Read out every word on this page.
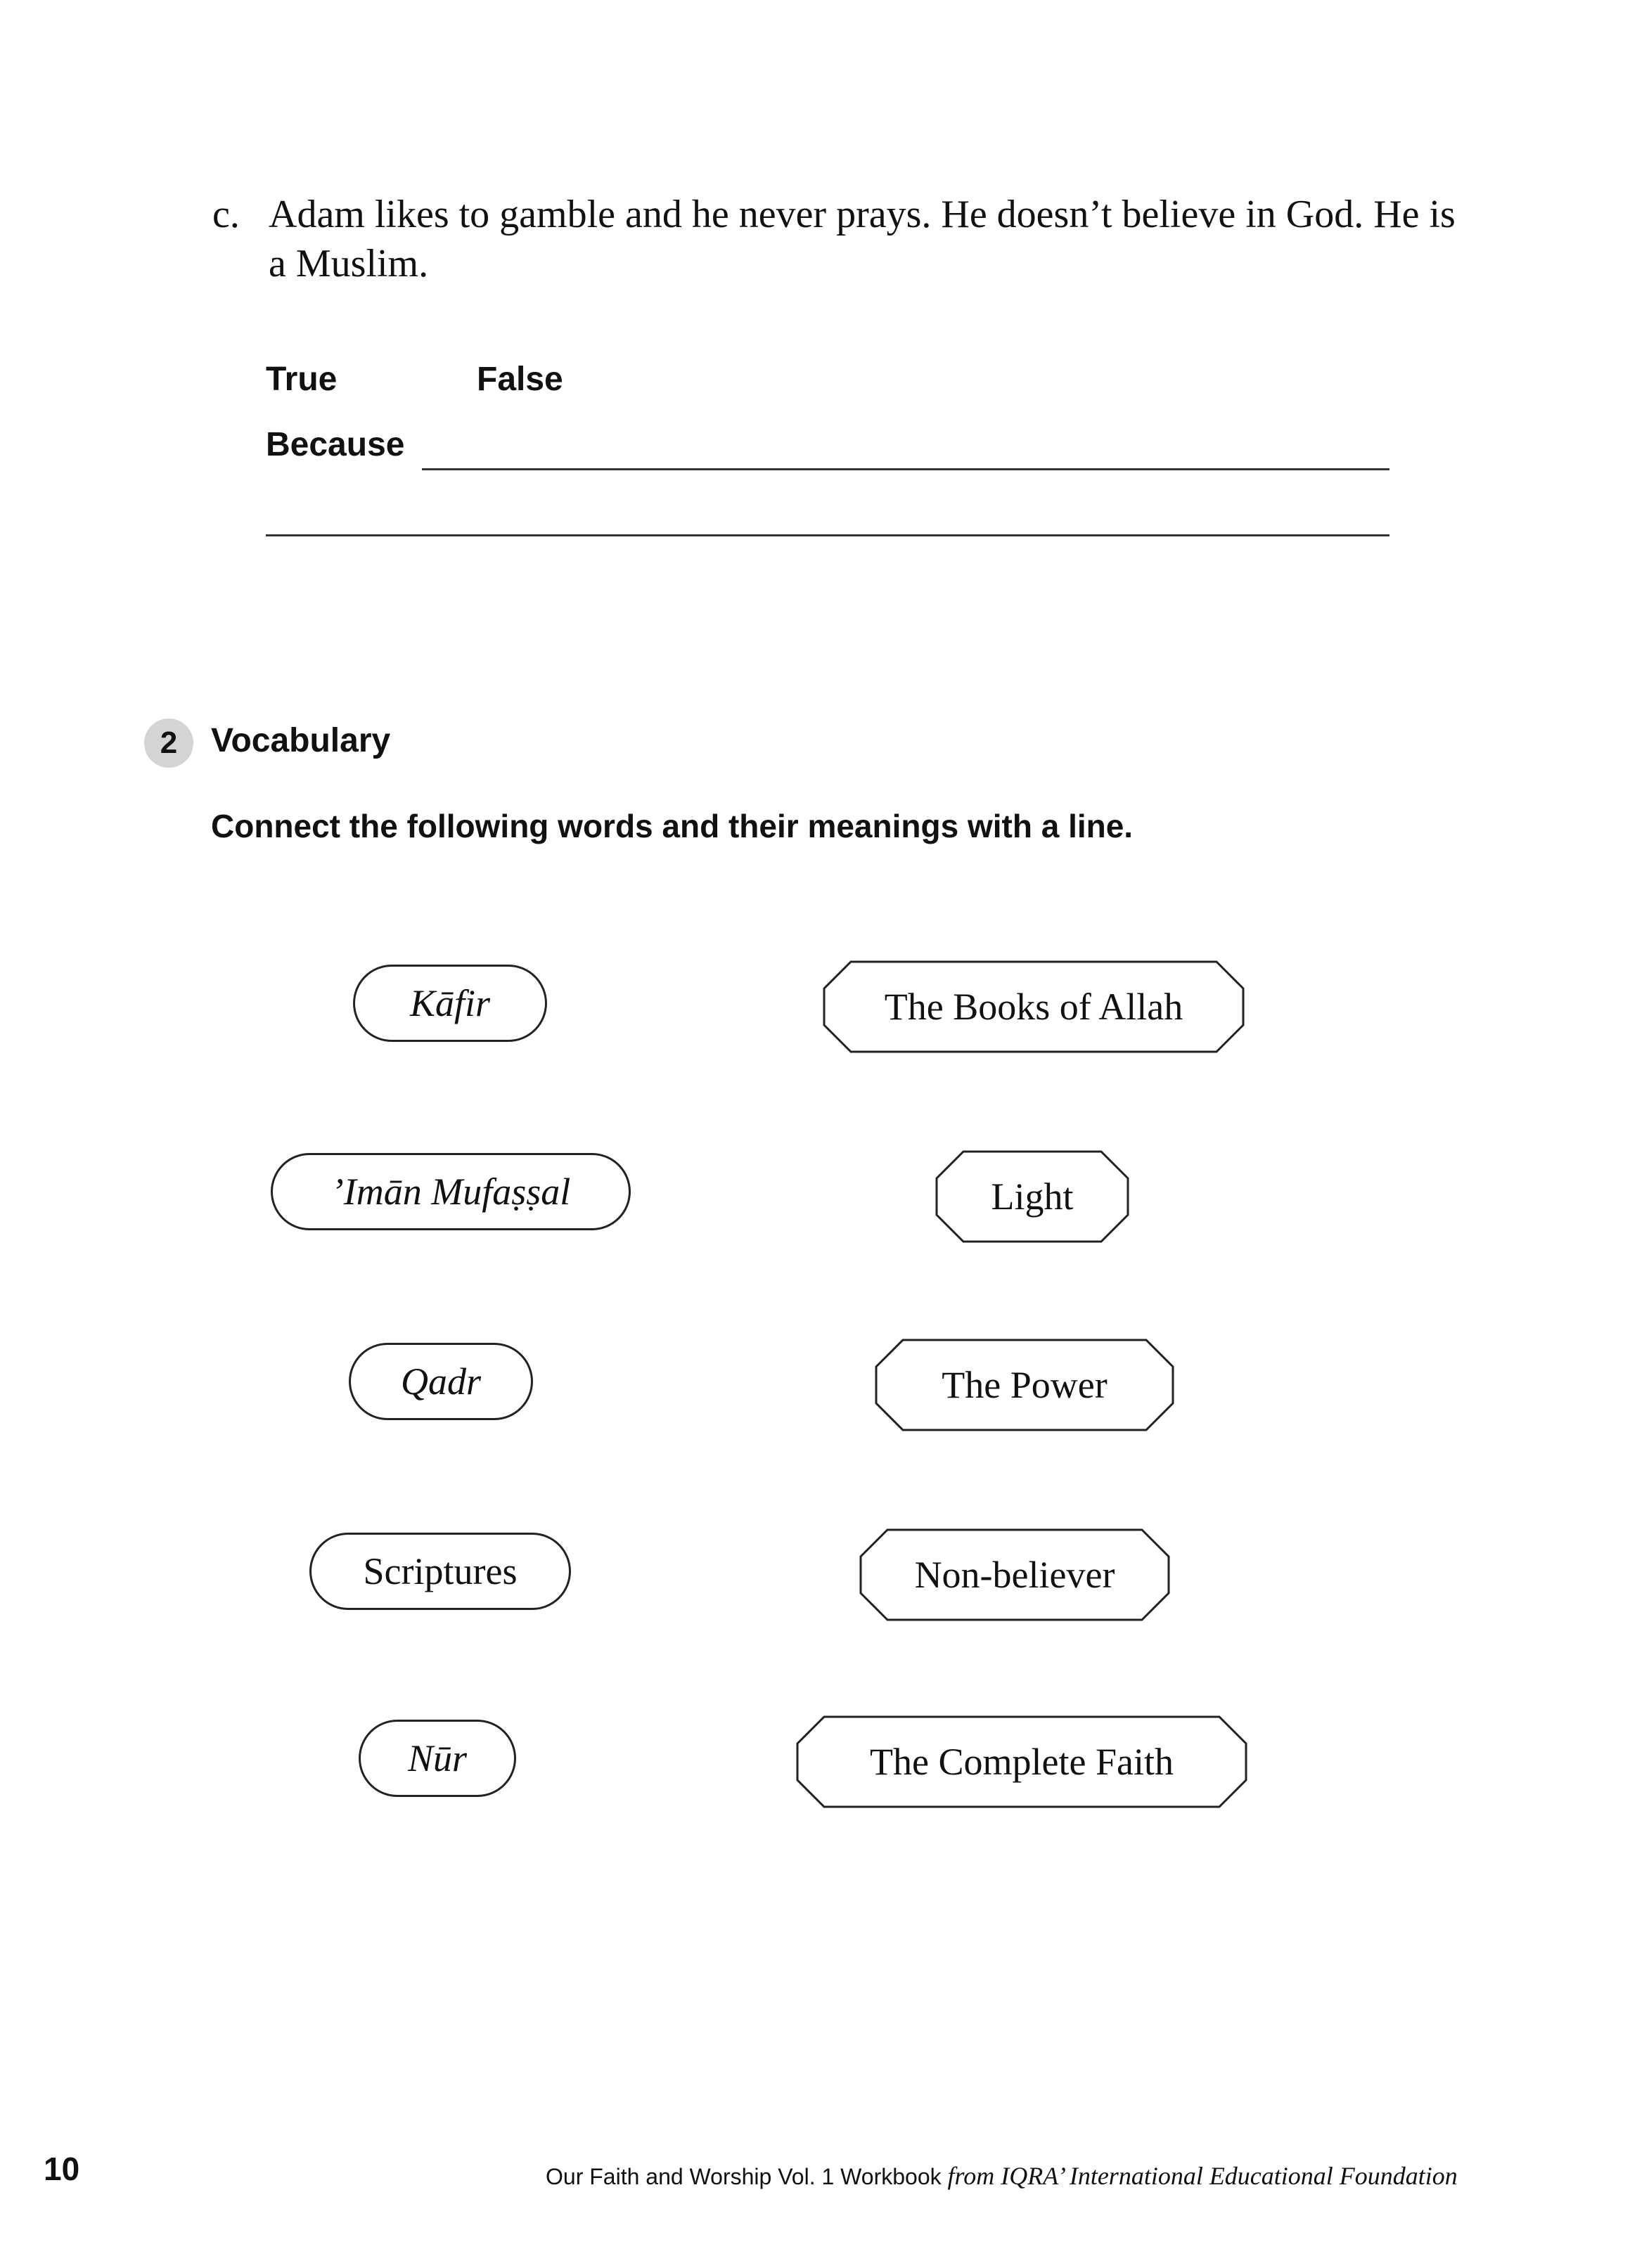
c. Adam likes to gamble and he never prays. He doesn’t believe in God. He is a Muslim.
True	False
Because
2 Vocabulary
Connect the following words and their meanings with a line.
Kāfir
’Imān Mufaṣṣal
Qadr
Scriptures
Nūr
The Books of Allah
Light
The Power
Non-believer
The Complete Faith
10	Our Faith and Worship Vol. 1 Workbook from IQRA’ International Educational Foundation
